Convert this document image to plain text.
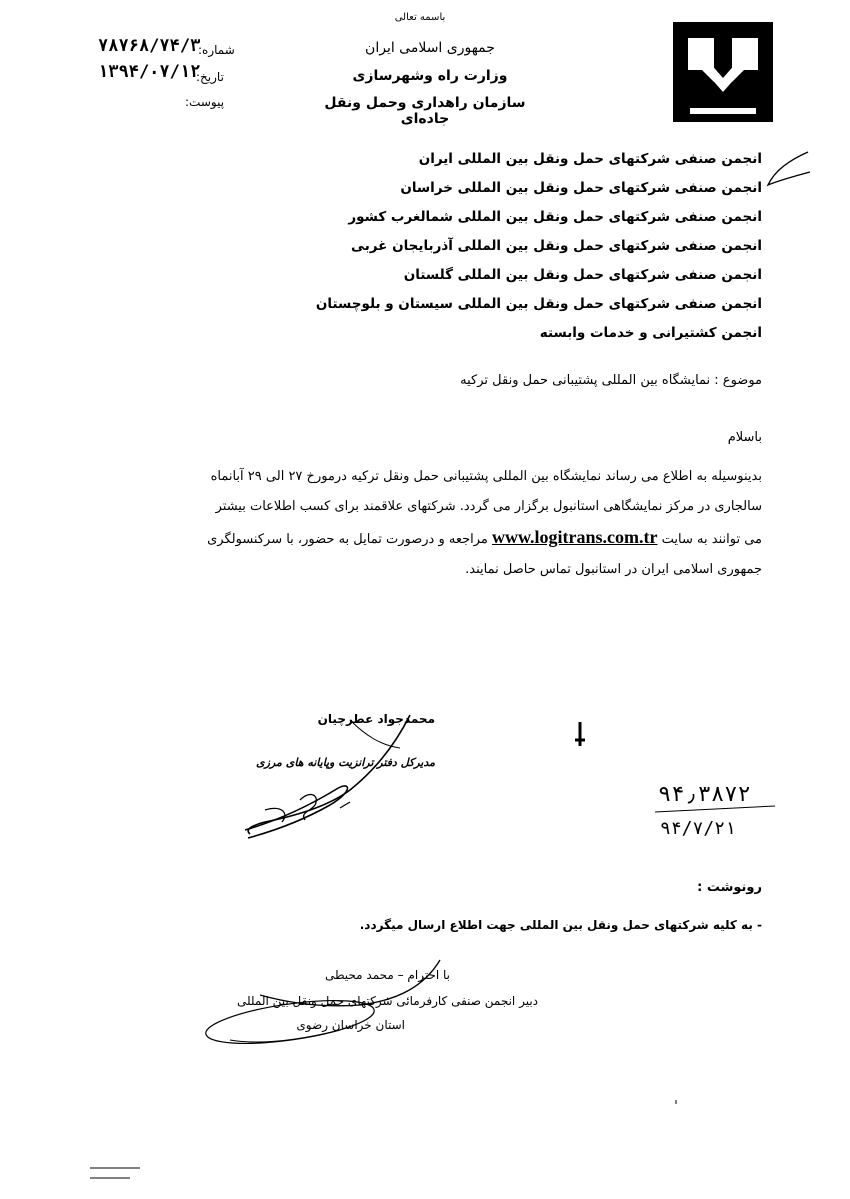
باسمه تعالی
جمهوری اسلامی ایران
وزارت راه وشهرسازی
سازمان راهداری وحمل ونقل جاده‌ای
شماره:
۷۸۷۶۸/۷۴/۳
تاریخ:
۱۳۹۴/۰۷/۱۲
پیوست:
انجمن صنفی شرکتهای حمل ونقل بین المللی ایران
انجمن صنفی شرکتهای حمل ونقل بین المللی خراسان
انجمن صنفی شرکتهای حمل ونقل بین المللی شمالغرب کشور
انجمن صنفی شرکتهای حمل ونقل بین المللی آذربایجان غربی
انجمن صنفی شرکتهای حمل ونقل بین المللی گلستان
انجمن صنفی شرکتهای حمل ونقل بین المللی سیستان و بلوچستان
انجمن کشتیرانی و خدمات وابسته
موضوع : نمایشگاه بین المللی پشتیبانی حمل ونقل ترکیه
باسلام
بدینوسیله به اطلاع می رساند نمایشگاه بین المللی پشتیبانی حمل ونقل ترکیه درمورخ ۲۷ الی ۲۹ آبانماه
سالجاری در مرکز نمایشگاهی استانبول برگزار می گردد. شرکتهای علاقمند برای کسب اطلاعات بیشتر
می توانند به سایت www.logitrans.com.tr مراجعه و درصورت تمایل به حضور، با سرکنسولگری
جمهوری اسلامی ایران در استانبول تماس حاصل نمایند.
محمدجواد عطرچیان
مدیرکل دفتر ترانزیت وپایانه های مرزی
۹۴٫۳۸۷۲
۹۴/۷/۲۱
رونوشت :
- به کلیه شرکتهای حمل ونقل بین المللی جهت اطلاع ارسال میگردد.
با احترام – محمد محیطی
دبیر انجمن صنفی کارفرمائی شرکتهای حمل ونقل بین المللی
استان خراسان رضوی
